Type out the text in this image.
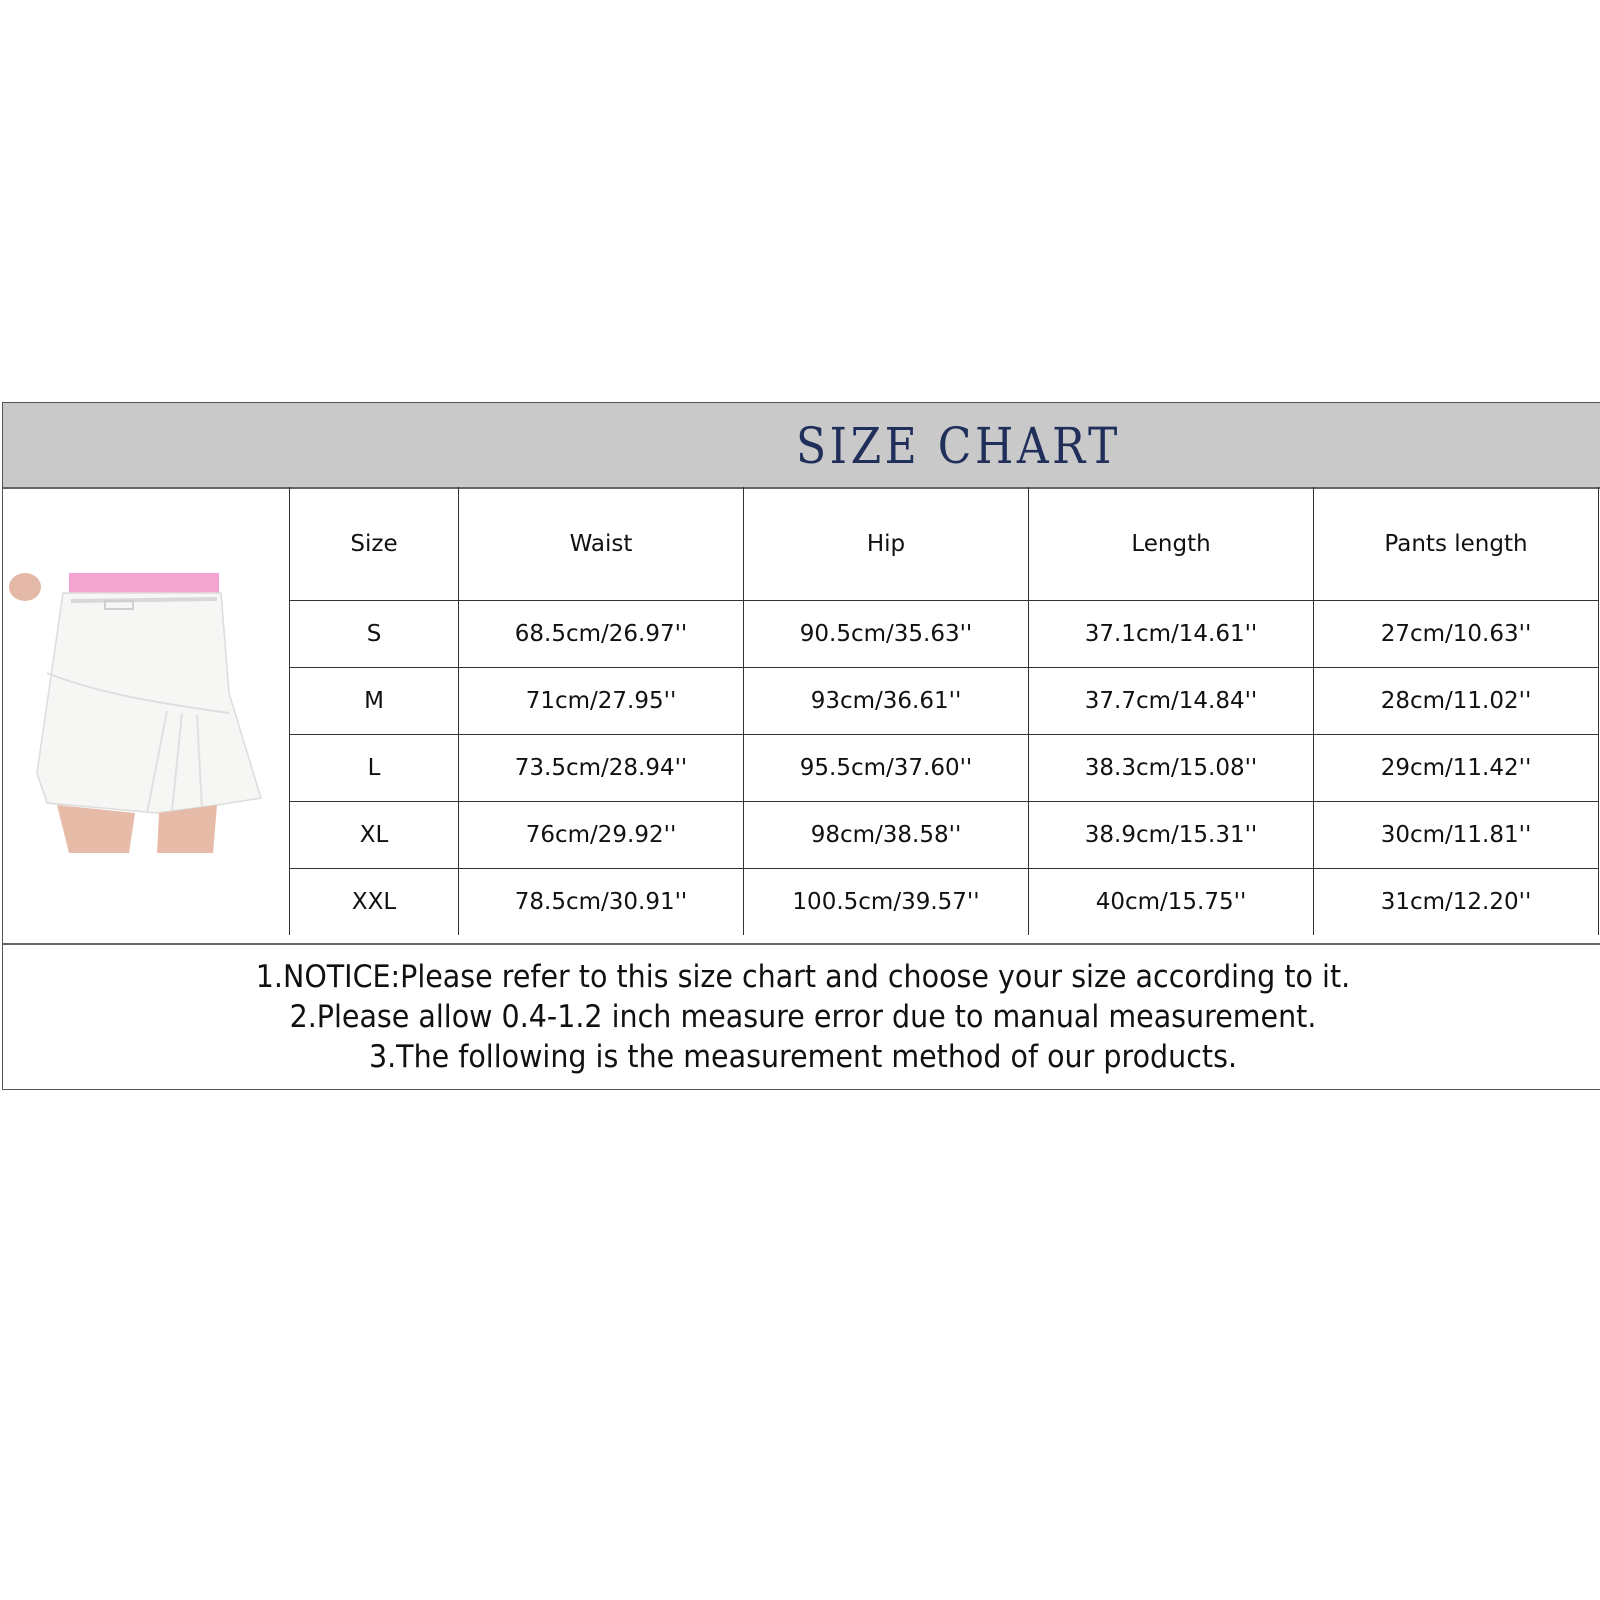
SIZE CHART
Size	Waist	Hip	Length	Pants length
S	68.5cm/26.97''	90.5cm/35.63''	37.1cm/14.61''	27cm/10.63''
M	71cm/27.95''	93cm/36.61''	37.7cm/14.84''	28cm/11.02''
L	73.5cm/28.94''	95.5cm/37.60''	38.3cm/15.08''	29cm/11.42''
XL	76cm/29.92''	98cm/38.58''	38.9cm/15.31''	30cm/11.81''
XXL	78.5cm/30.91''	100.5cm/39.57''	40cm/15.75''	31cm/12.20''
1.NOTICE:Please refer to this size chart and choose your size according to it.
2.Please allow 0.4-1.2 inch measure error due to manual measurement.
3.The following is the measurement method of our products.
